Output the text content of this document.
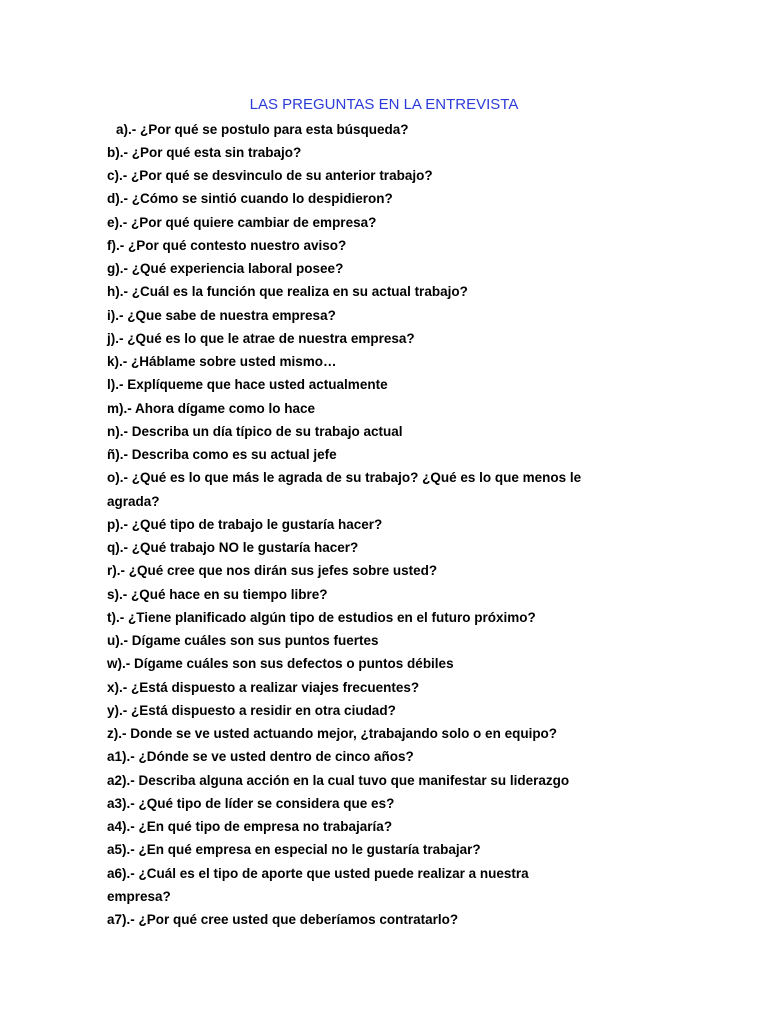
LAS PREGUNTAS EN LA ENTREVISTA
a).- ¿Por qué se postulo para esta búsqueda?
b).- ¿Por qué esta sin trabajo?
c).- ¿Por qué se desvinculo de su anterior trabajo?
d).- ¿Cómo se sintió cuando lo despidieron?
e).- ¿Por qué quiere cambiar de empresa?
f).- ¿Por qué contesto nuestro aviso?
g).- ¿Qué experiencia laboral posee?
h).- ¿Cuál es la función que realiza en su actual trabajo?
i).- ¿Que sabe de nuestra empresa?
j).- ¿Qué es lo que le atrae de nuestra empresa?
k).- ¿Háblame sobre usted mismo…
l).- Explíqueme que hace usted actualmente
m).- Ahora dígame como lo hace
n).- Describa un día típico de su trabajo actual
ñ).- Describa como es su actual jefe
o).- ¿Qué es lo que más le agrada de su trabajo? ¿Qué es lo que menos le
agrada?
p).- ¿Qué tipo de trabajo le gustaría hacer?
q).- ¿Qué trabajo NO le gustaría hacer?
r).- ¿Qué cree que nos dirán sus jefes sobre usted?
s).- ¿Qué hace en su tiempo libre?
t).- ¿Tiene planificado algún tipo de estudios en el futuro próximo?
u).- Dígame cuáles son sus puntos fuertes
w).- Dígame cuáles son sus defectos o puntos débiles
x).- ¿Está dispuesto a realizar viajes frecuentes?
y).- ¿Está dispuesto a residir en otra ciudad?
z).- Donde se ve usted actuando mejor, ¿trabajando solo o en equipo?
a1).- ¿Dónde se ve usted dentro de cinco años?
a2).- Describa alguna acción en la cual tuvo que manifestar su liderazgo
a3).- ¿Qué tipo de líder se considera que es?
a4).- ¿En qué tipo de empresa no trabajaría?
a5).- ¿En qué empresa en especial no le gustaría trabajar?
a6).- ¿Cuál es el tipo de aporte que usted puede realizar a nuestra
empresa?
a7).- ¿Por qué cree usted que deberíamos contratarlo?
